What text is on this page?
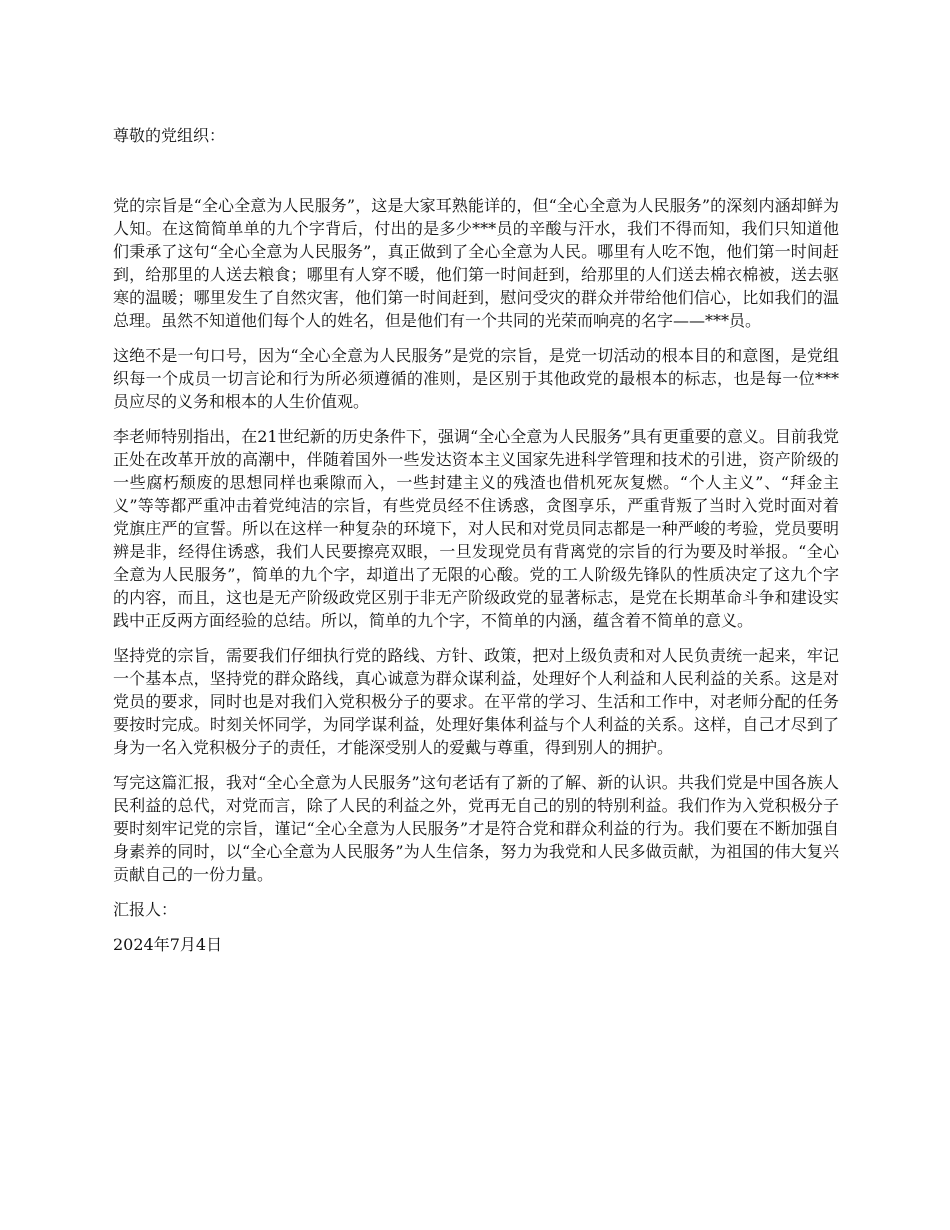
尊敬的党组织：

党的宗旨是“全心全意为人民服务”，这是大家耳熟能详的，但“全心全意为人民服务”的深刻内涵却鲜为人知。在这简简单单的九个字背后，付出的是多少***员的辛酸与汗水，我们不得而知，我们只知道他们秉承了这句“全心全意为人民服务”，真正做到了全心全意为人民。哪里有人吃不饱，他们第一时间赶到，给那里的人送去粮食；哪里有人穿不暖，他们第一时间赶到，给那里的人们送去棉衣棉被，送去驱寒的温暖；哪里发生了自然灾害，他们第一时间赶到，慰问受灾的群众并带给他们信心，比如我们的温总理。虽然不知道他们每个人的姓名，但是他们有一个共同的光荣而响亮的名字——***员。

这绝不是一句口号，因为“全心全意为人民服务”是党的宗旨，是党一切活动的根本目的和意图，是党组织每一个成员一切言论和行为所必须遵循的准则，是区别于其他政党的最根本的标志，也是每一位***员应尽的义务和根本的人生价值观。

李老师特别指出，在21世纪新的历史条件下，强调“全心全意为人民服务”具有更重要的意义。目前我党正处在改革开放的高潮中，伴随着国外一些发达资本主义国家先进科学管理和技术的引进，资产阶级的一些腐朽颓废的思想同样也乘隙而入，一些封建主义的残渣也借机死灰复燃。“个人主义”、“拜金主义”等等都严重冲击着党纯洁的宗旨，有些党员经不住诱惑，贪图享乐，严重背叛了当时入党时面对着党旗庄严的宣誓。所以在这样一种复杂的环境下，对人民和对党员同志都是一种严峻的考验，党员要明辨是非，经得住诱惑，我们人民要擦亮双眼，一旦发现党员有背离党的宗旨的行为要及时举报。“全心全意为人民服务”，简单的九个字，却道出了无限的心酸。党的工人阶级先锋队的性质决定了这九个字的内容，而且，这也是无产阶级政党区别于非无产阶级政党的显著标志，是党在长期革命斗争和建设实践中正反两方面经验的总结。所以，简单的九个字，不简单的内涵，蕴含着不简单的意义。

坚持党的宗旨，需要我们仔细执行党的路线、方针、政策，把对上级负责和对人民负责统一起来，牢记一个基本点，坚持党的群众路线，真心诚意为群众谋利益，处理好个人利益和人民利益的关系。这是对党员的要求，同时也是对我们入党积极分子的要求。在平常的学习、生活和工作中，对老师分配的任务要按时完成。时刻关怀同学，为同学谋利益，处理好集体利益与个人利益的关系。这样，自己才尽到了身为一名入党积极分子的责任，才能深受别人的爱戴与尊重，得到别人的拥护。

写完这篇汇报，我对“全心全意为人民服务”这句老话有了新的了解、新的认识。共我们党是中国各族人民利益的总代，对党而言，除了人民的利益之外，党再无自己的别的特别利益。我们作为入党积极分子要时刻牢记党的宗旨，谨记“全心全意为人民服务”才是符合党和群众利益的行为。我们要在不断加强自身素养的同时，以“全心全意为人民服务”为人生信条，努力为我党和人民多做贡献，为祖国的伟大复兴贡献自己的一份力量。

汇报人：

2024年7月4日
